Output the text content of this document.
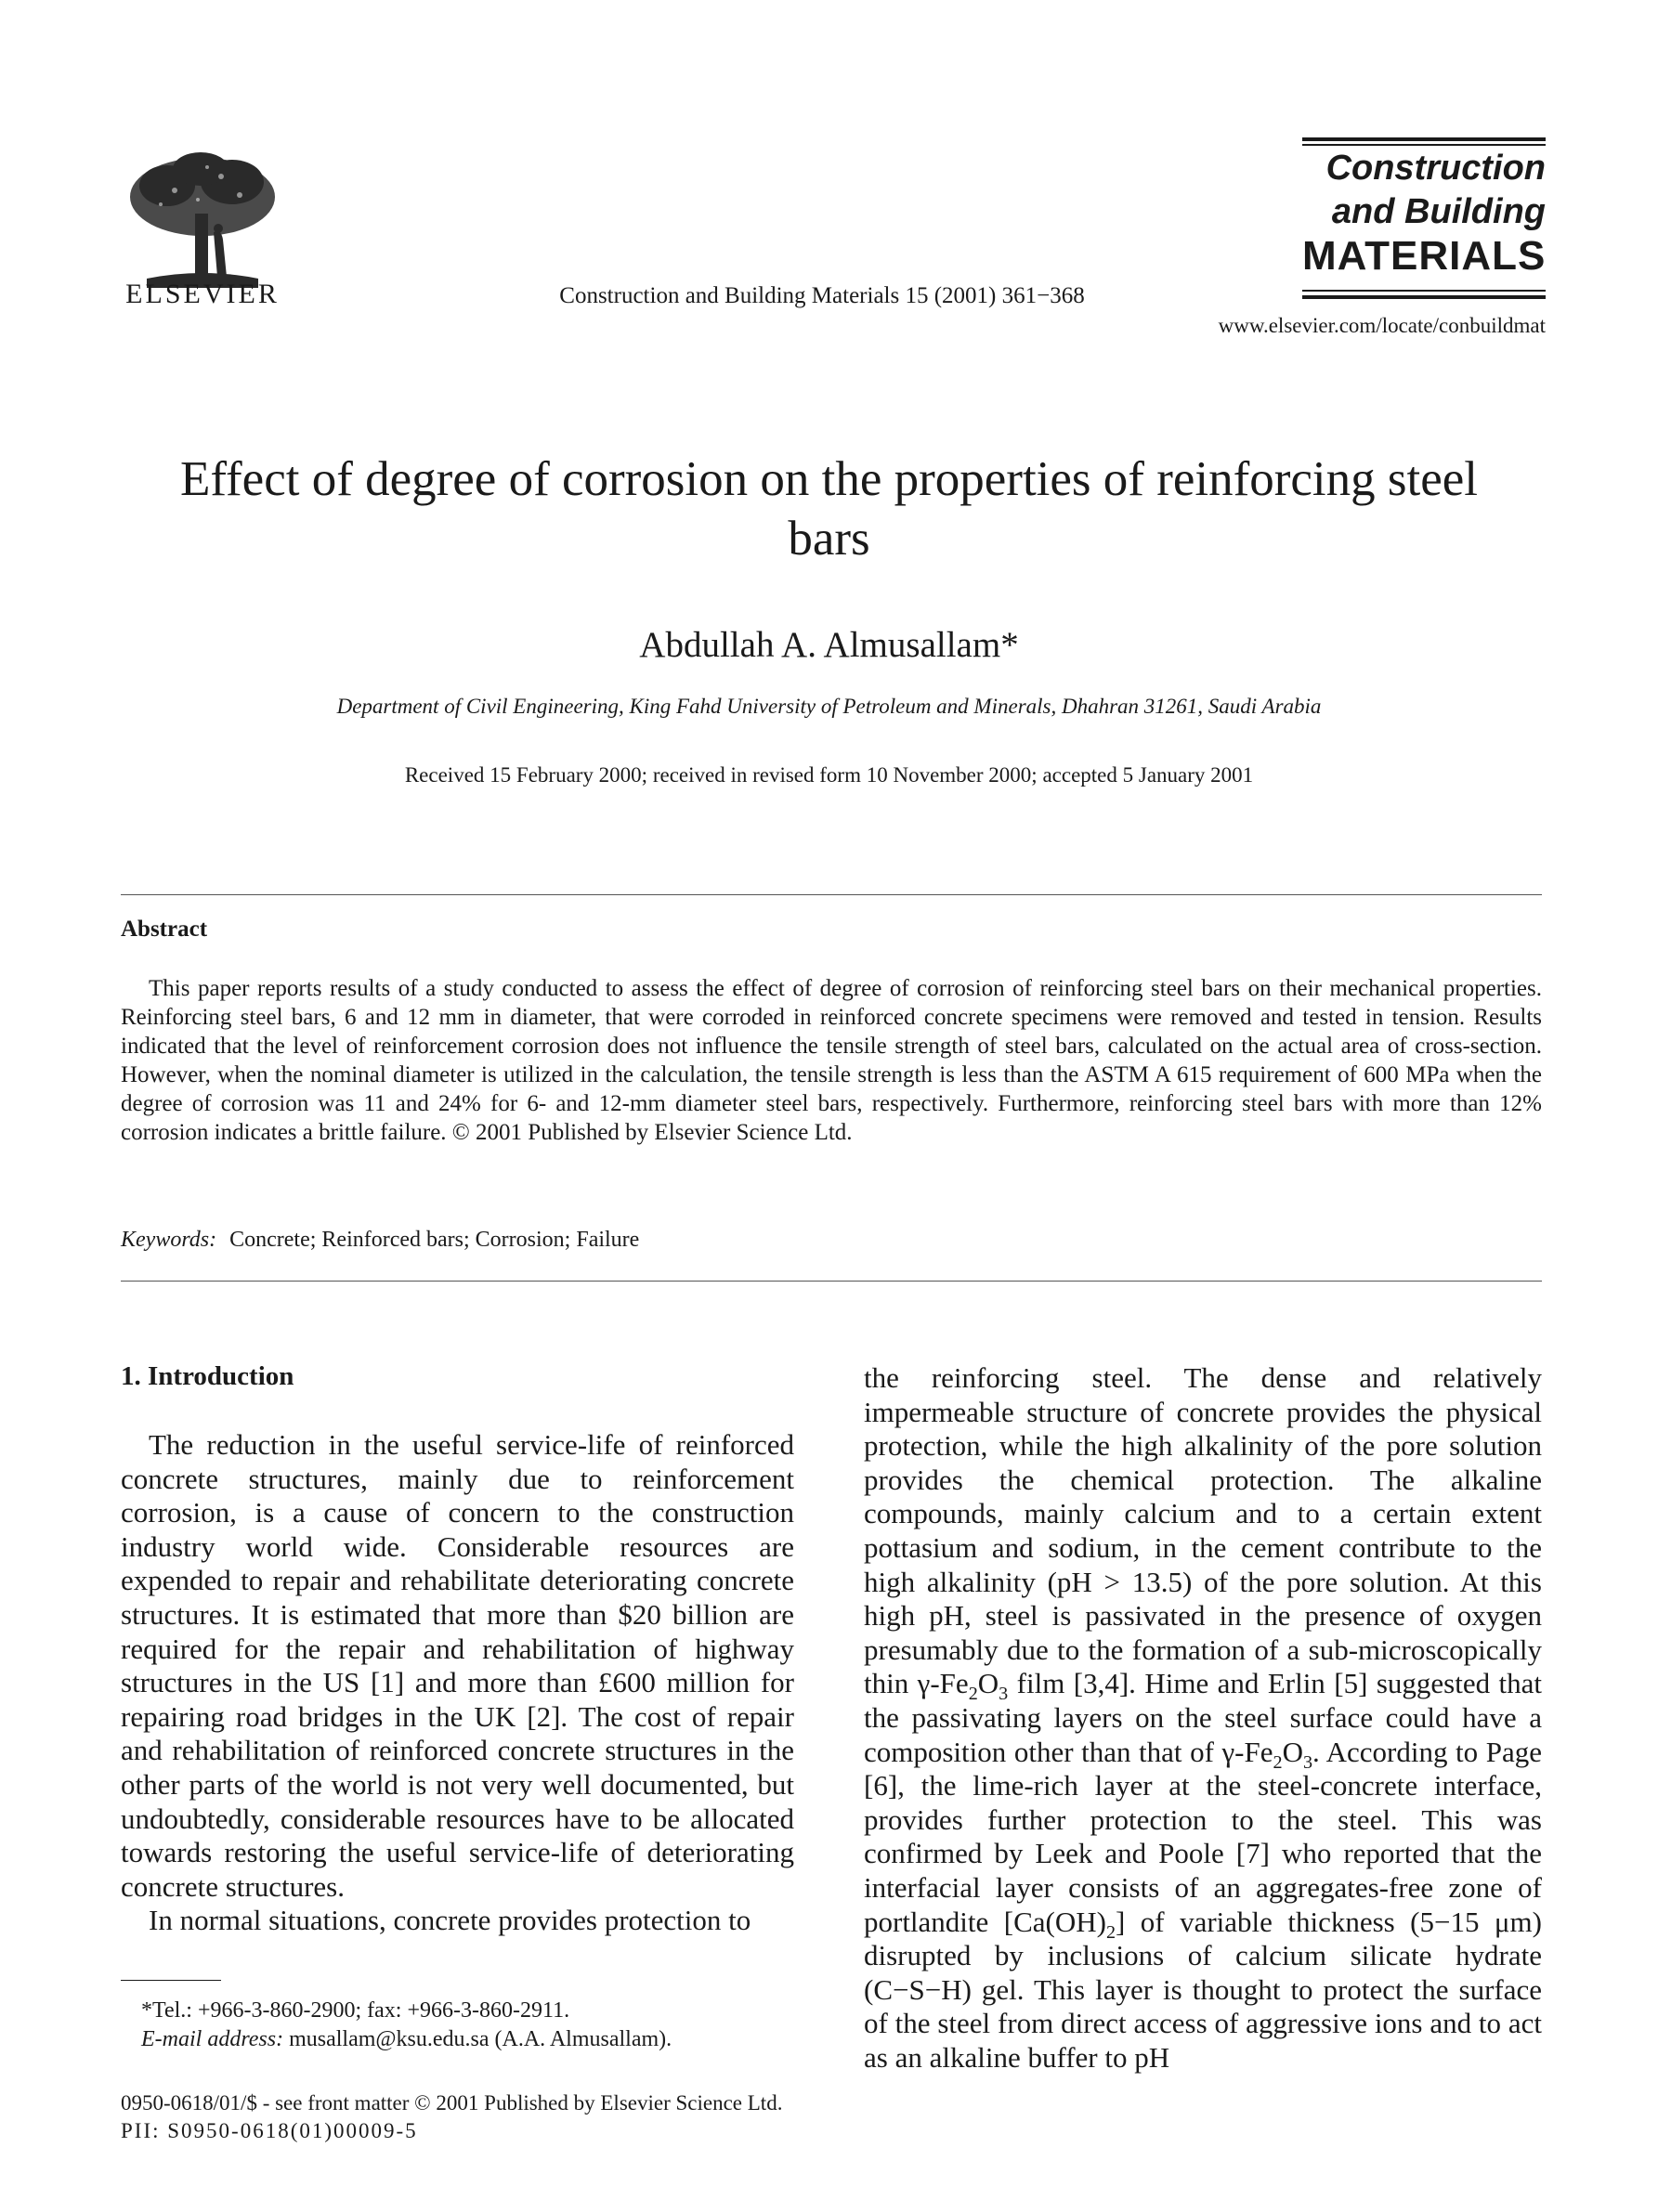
ELSEVIER	Construction and Building Materials 15 (2001) 361−368
Construction
and Building
MATERIALS
www.elsevier.com/locate/conbuildmat
Effect of degree of corrosion on the properties of reinforcing steel bars
Abdullah A. Almusallam*
Department of Civil Engineering, King Fahd University of Petroleum and Minerals, Dhahran 31261, Saudi Arabia
Received 15 February 2000; received in revised form 10 November 2000; accepted 5 January 2001
Abstract
This paper reports results of a study conducted to assess the effect of degree of corrosion of reinforcing steel bars on their mechanical properties. Reinforcing steel bars, 6 and 12 mm in diameter, that were corroded in reinforced concrete specimens were removed and tested in tension. Results indicated that the level of reinforcement corrosion does not influence the tensile strength of steel bars, calculated on the actual area of cross-section. However, when the nominal diameter is utilized in the calculation, the tensile strength is less than the ASTM A 615 requirement of 600 MPa when the degree of corrosion was 11 and 24% for 6- and 12-mm diameter steel bars, respectively. Furthermore, reinforcing steel bars with more than 12% corrosion indicates a brittle failure. © 2001 Published by Elsevier Science Ltd.
Keywords: Concrete; Reinforced bars; Corrosion; Failure
1. Introduction

The reduction in the useful service-life of reinforced concrete structures, mainly due to reinforcement corrosion, is a cause of concern to the construction industry world wide. Considerable resources are expended to repair and rehabilitate deteriorating concrete structures. It is estimated that more than $20 billion are required for the repair and rehabilitation of highway structures in the US [1] and more than £600 million for repairing road bridges in the UK [2]. The cost of repair and rehabilitation of reinforced concrete structures in the other parts of the world is not very well documented, but undoubtedly, considerable resources have to be allocated towards restoring the useful service-life of deteriorating concrete structures.

In normal situations, concrete provides protection to

the reinforcing steel. The dense and relatively impermeable structure of concrete provides the physical protection, while the high alkalinity of the pore solution provides the chemical protection. The alkaline compounds, mainly calcium and to a certain extent pottasium and sodium, in the cement contribute to the high alkalinity (pH > 13.5) of the pore solution. At this high pH, steel is passivated in the presence of oxygen presumably due to the formation of a sub-microscopically thin $\gamma-Fe_2O_3$ film [3,4]. Hime and Erlin [5] suggested that the passivating layers on the steel surface could have a composition other than that of $\gamma-Fe_2O_3$. According to Page [6], the lime-rich layer at the steel-concrete interface, provides further protection to the steel. This was confirmed by Leek and Poole [7] who reported that the interfacial layer consists of an aggregates-free zone of portlandite $[Ca(OH)_2]$ of variable thickness (5−15 μm) disrupted by inclusions of calcium silicate hydrate (C−S−H) gel. This layer is thought to protect the surface of the steel from direct access of aggressive ions and to act as an alkaline buffer to pH

*Tel.: +966-3-860-2900; fax: +966-3-860-2911.
E-mail address: musallam@ksu.edu.sa (A.A. Almusallam).
0950-0618/01/$ - see front matter © 2001 Published by Elsevier Science Ltd.
PII: S0950-0618(01)00009-5
